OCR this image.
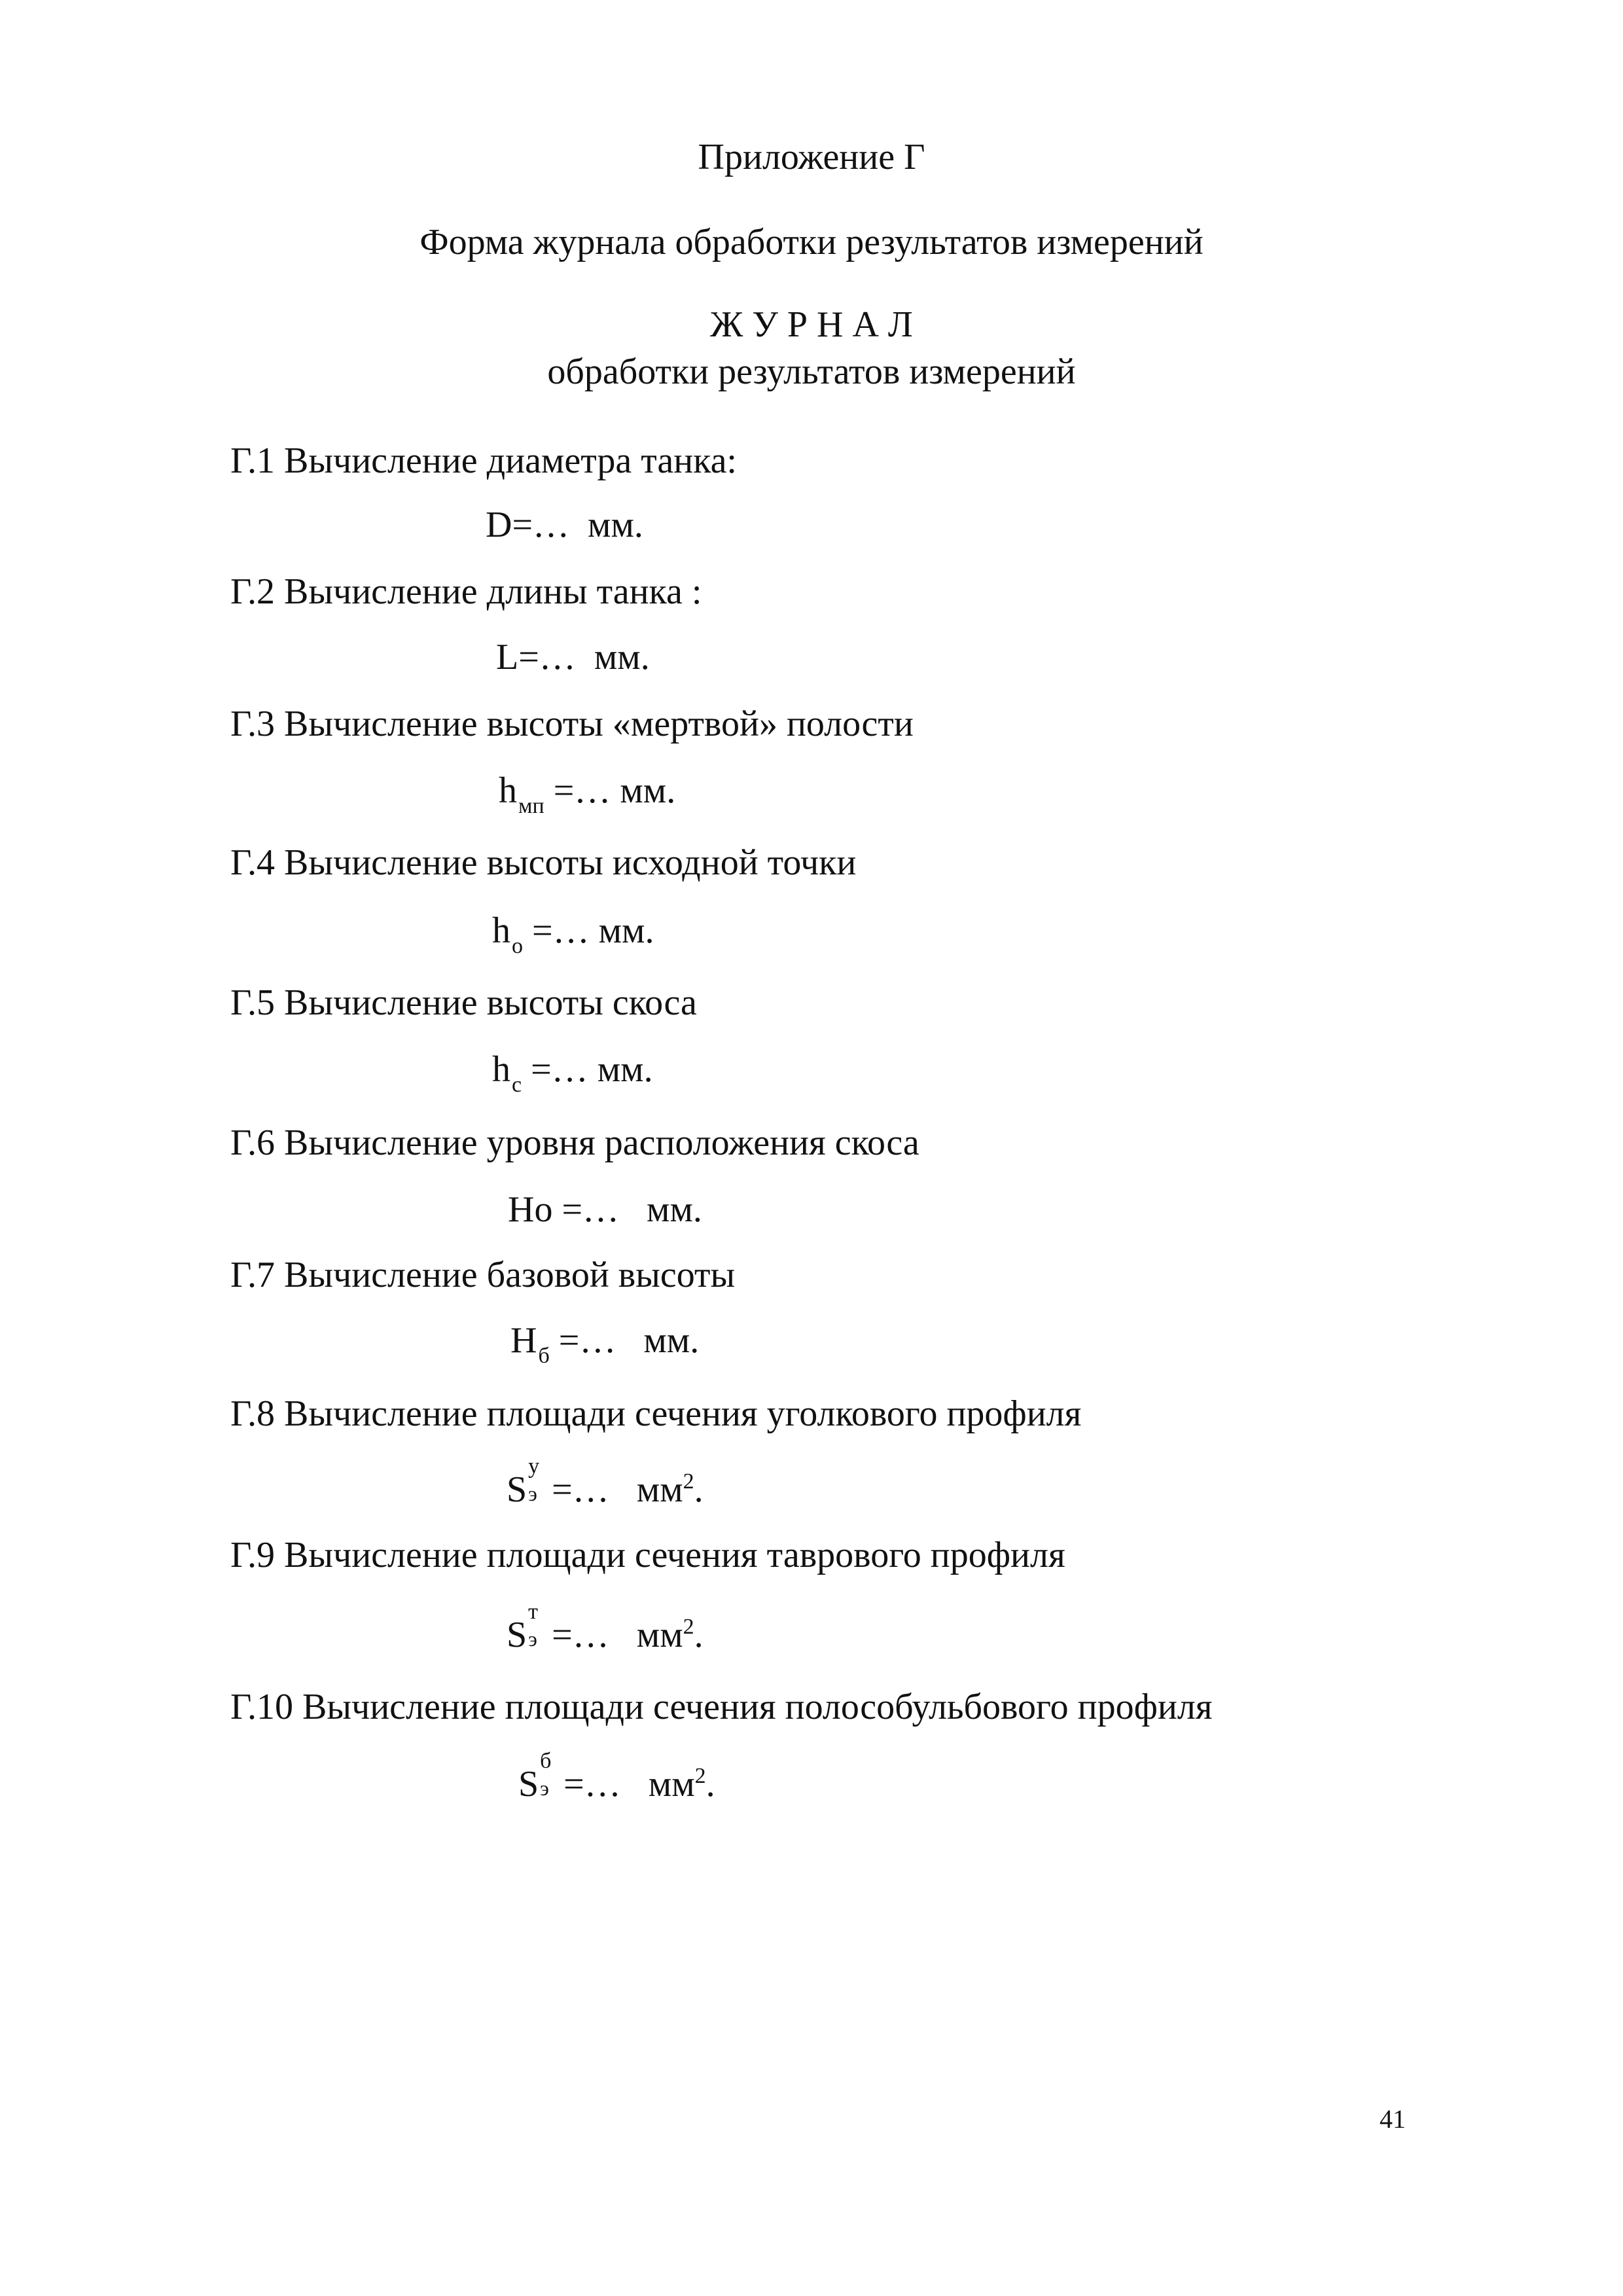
Приложение Г
Форма журнала обработки результатов измерений
Ж У Р Н А Л
обработки результатов измерений
Г.1 Вычисление диаметра танка:
D=… мм.
Г.2 Вычисление длины танка :
L=… мм.
Г.3 Вычисление высоты «мертвой» полости
$h_{мп}$ =… мм.
Г.4 Вычисление высоты исходной точки
$h_о$ =… мм.
Г.5 Вычисление высоты скоса
$h_с$ =… мм.
Г.6 Вычисление уровня расположения скоса
Hо =… мм.
Г.7 Вычисление базовой высоты
$H_б$ =… мм.
Г.8 Вычисление площади сечения уголкового профиля
S
у
э =… $мм^2$.
Г.9 Вычисление площади сечения таврового профиля
S
т
э =… $мм^2$.
Г.10 Вычисление площади сечения полособульбового профиля
S
б
э =… $мм^2$.
41
